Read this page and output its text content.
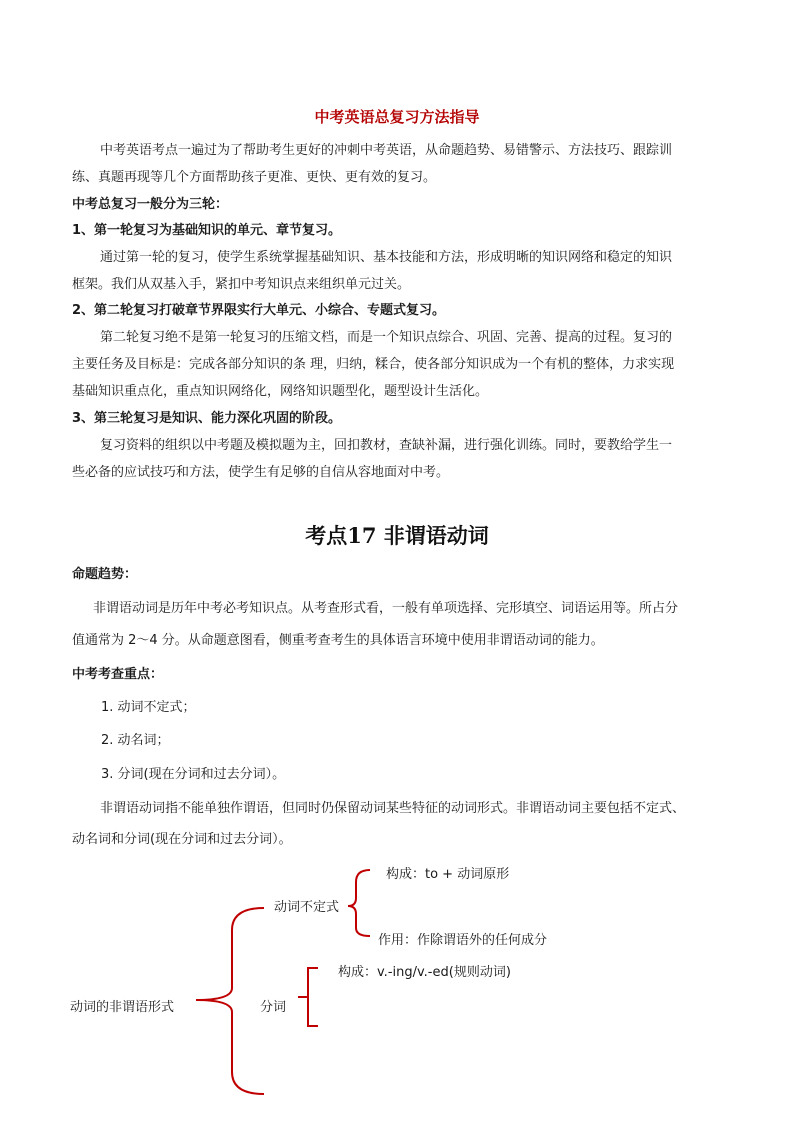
中考英语总复习方法指导
中考英语考点一遍过为了帮助考生更好的冲刺中考英语，从命题趋势、易错警示、方法技巧、跟踪训
练、真题再现等几个方面帮助孩子更准、更快、更有效的复习。
中考总复习一般分为三轮：
1、第一轮复习为基础知识的单元、章节复习。
通过第一轮的复习，使学生系统掌握基础知识、基本技能和方法，形成明晰的知识网络和稳定的知识
框架。我们从双基入手，紧扣中考知识点来组织单元过关。
2、第二轮复习打破章节界限实行大单元、小综合、专题式复习。
第二轮复习绝不是第一轮复习的压缩文档，而是一个知识点综合、巩固、完善、提高的过程。复习的
主要任务及目标是：完成各部分知识的条 理，归纳，糅合，使各部分知识成为一个有机的整体，力求实现
基础知识重点化，重点知识网络化，网络知识题型化，题型设计生活化。
3、第三轮复习是知识、能力深化巩固的阶段。
复习资料的组织以中考题及模拟题为主，回扣教材，查缺补漏，进行强化训练。同时，要教给学生一
些必备的应试技巧和方法，使学生有足够的自信从容地面对中考。
考点17 非谓语动词
命题趋势：
非谓语动词是历年中考必考知识点。从考查形式看，一般有单项选择、完形填空、词语运用等。所占分
值通常为 2～4 分。从命题意图看，侧重考查考生的具体语言环境中使用非谓语动词的能力。
中考考查重点：
1. 动词不定式；
2. 动名词；
3. 分词(现在分词和过去分词）。
非谓语动词指不能单独作谓语，但同时仍保留动词某些特征的动词形式。非谓语动词主要包括不定式、
动名词和分词(现在分词和过去分词）。
动词的非谓语形式
动词不定式
构成：to + 动词原形
作用：作除谓语外的任何成分
分词
构成：v.-ing/v.-ed(规则动词)
